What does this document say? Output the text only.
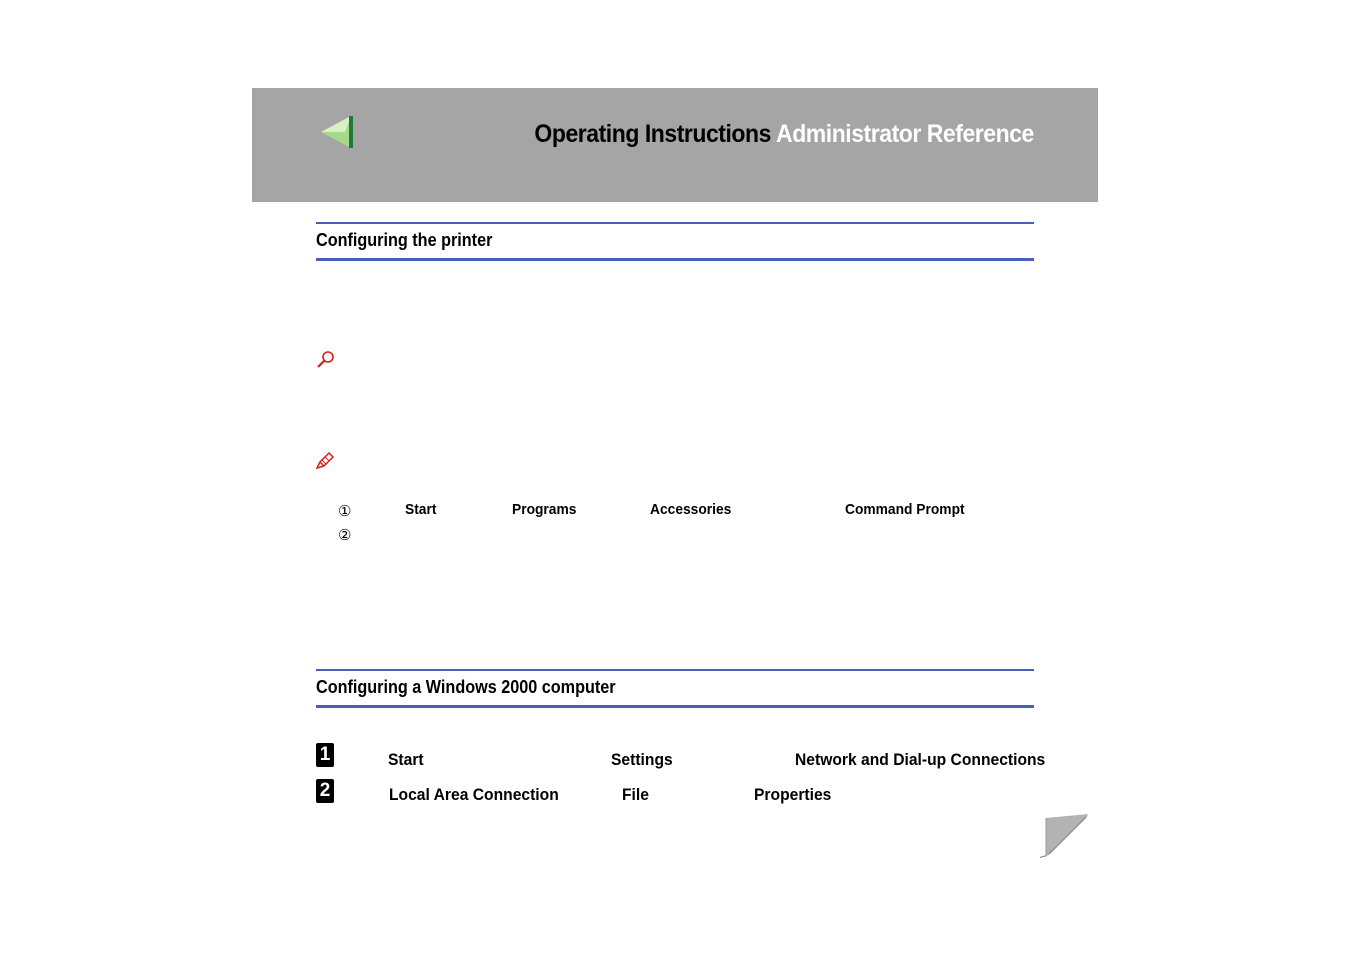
Operating Instructions Administrator Reference
Configuring the printer
①
②
Start	Programs	Accessories	Command Prompt
Configuring a Windows 2000 computer
1
2
Start	Settings	Network and Dial-up Connections
Local Area Connection	File	Properties
